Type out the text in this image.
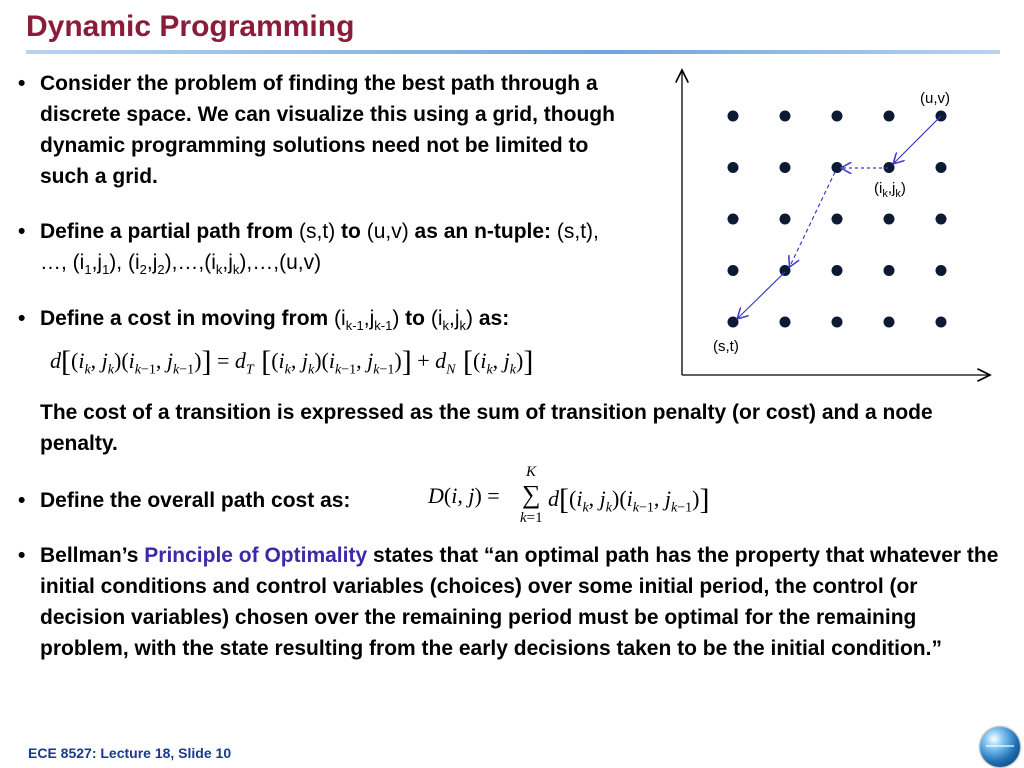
Dynamic Programming
• Consider the problem of finding the best path through a discrete space. We can visualize this using a grid, though dynamic programming solutions need not be limited to such a grid.
• Define a partial path from (s,t) to (u,v) as an n-tuple: (s,t), …, $(i_1,j_1)$, $(i_2,j_2),\dots,(i_k,j_k),\dots,(u,v)$
• Define a cost in moving from $(i_{k-1},j_{k-1})$ to $(i_k,j_k)$ as:
$d[(i_k$, $j_k)(i_{k-1}$, $j_{k-1})] = d_T$ [($i_k$, $j_k)(i_{k-1}$, $j_{k-1})] + d_N$ [($i_k$, $j_k$)]
The cost of a transition is expressed as the sum of transition penalty (or cost) and a node penalty.
• Define the overall path cost as:	D(i, j) =
K
∑
k=1
$d[(i_k$, $j_k)(i_{k-1}$, $j_{k-1}$)]
• Bellman’s Principle of Optimality states that “an optimal path has the property that whatever the initial conditions and control variables (choices) over some initial period, the control (or decision variables) chosen over the remaining period must be optimal for the remaining problem, with the state resulting from the early decisions taken to be the initial condition.”
(u,v)
$(i_k,j_k)$
(s,t)
ECE 8527: Lecture 18, Slide 10
